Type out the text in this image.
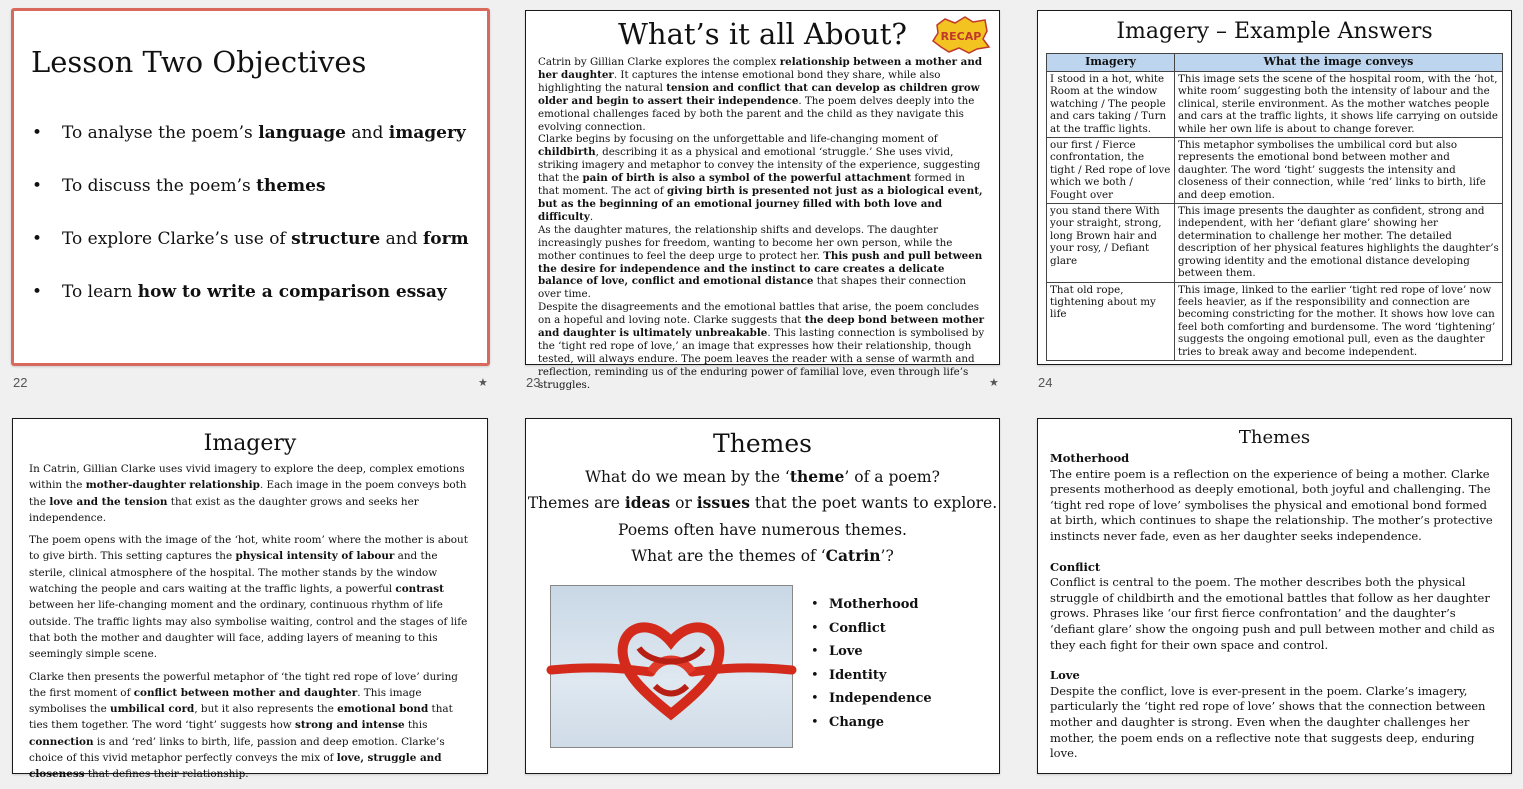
Lesson Two Objectives
•	To analyse the poem’s language and imagery
•	To discuss the poem’s themes
•	To explore Clarke’s use of structure and form
•	To learn how to write a comparison essay
22	★
What’s it all About?	RECAP
Catrin by Gillian Clarke explores the complex relationship between a mother and her daughter. It captures the intense emotional bond they share, while also highlighting the natural tension and conflict that can develop as children grow older and begin to assert their independence. The poem delves deeply into the emotional challenges faced by both the parent and the child as they navigate this evolving connection.
Clarke begins by focusing on the unforgettable and life-changing moment of childbirth, describing it as a physical and emotional ‘struggle.’ She uses vivid, striking imagery and metaphor to convey the intensity of the experience, suggesting that the pain of birth is also a symbol of the powerful attachment formed in that moment. The act of giving birth is presented not just as a biological event, but as the beginning of an emotional journey filled with both love and difficulty.
As the daughter matures, the relationship shifts and develops. The daughter increasingly pushes for freedom, wanting to become her own person, while the mother continues to feel the deep urge to protect her. This push and pull between the desire for independence and the instinct to care creates a delicate balance of love, conflict and emotional distance that shapes their connection over time.
Despite the disagreements and the emotional battles that arise, the poem concludes on a hopeful and loving note. Clarke suggests that the deep bond between mother and daughter is ultimately unbreakable. This lasting connection is symbolised by the ‘tight red rope of love,’ an image that expresses how their relationship, though tested, will always endure. The poem leaves the reader with a sense of warmth and reflection, reminding us of the enduring power of familial love, even through life’s struggles.
23	★
Imagery – Example Answers
Imagery	What the image conveys
I stood in a hot, white Room at the window watching / The people and cars taking / Turn at the traffic lights.	This image sets the scene of the hospital room, with the ‘hot, white room’ suggesting both the intensity of labour and the clinical, sterile environment. As the mother watches people and cars at the traffic lights, it shows life carrying on outside while her own life is about to change forever.
our first / Fierce confrontation, the tight / Red rope of love which we both / Fought over	This metaphor symbolises the umbilical cord but also represents the emotional bond between mother and daughter. The word ‘tight’ suggests the intensity and closeness of their connection, while ‘red’ links to birth, life and deep emotion.
you stand there With your straight, strong, long Brown hair and your rosy, / Defiant glare	This image presents the daughter as confident, strong and independent, with her ‘defiant glare’ showing her determination to challenge her mother. The detailed description of her physical features highlights the daughter’s growing identity and the emotional distance developing between them.
That old rope, tightening about my life	This image, linked to the earlier ‘tight red rope of love’ now feels heavier, as if the responsibility and connection are becoming constricting for the mother. It shows how love can feel both comforting and burdensome. The word ‘tightening’ suggests the ongoing emotional pull, even as the daughter tries to break away and become independent.
24
Imagery

In Catrin, Gillian Clarke uses vivid imagery to explore the deep, complex emotions within the mother-daughter relationship. Each image in the poem conveys both the love and the tension that exist as the daughter grows and seeks her independence.

The poem opens with the image of the ‘hot, white room’ where the mother is about to give birth. This setting captures the physical intensity of labour and the sterile, clinical atmosphere of the hospital. The mother stands by the window watching the people and cars waiting at the traffic lights, a powerful contrast between her life-changing moment and the ordinary, continuous rhythm of life outside. The traffic lights may also symbolise waiting, control and the stages of life that both the mother and daughter will face, adding layers of meaning to this seemingly simple scene.

Clarke then presents the powerful metaphor of ‘the tight red rope of love’ during the first moment of conflict between mother and daughter. This image symbolises the umbilical cord, but it also represents the emotional bond that ties them together. The word ‘tight’ suggests how strong and intense this connection is and ‘red’ links to birth, life, passion and deep emotion. Clarke’s choice of this vivid metaphor perfectly conveys the mix of love, struggle and closeness that defines their relationship.

Themes
What do we mean by the ‘theme’ of a poem?
Themes are ideas or issues that the poet wants to explore.
Poems often have numerous themes.
What are the themes of ‘Catrin’?
• Motherhood
• Conflict
• Love
• Identity
• Independence
• Change
Themes
Motherhood

The entire poem is a reflection on the experience of being a mother. Clarke presents motherhood as deeply emotional, both joyful and challenging. The ‘tight red rope of love’ symbolises the physical and emotional bond formed at birth, which continues to shape the relationship. The mother’s protective instincts never fade, even as her daughter seeks independence.

Conflict

Conflict is central to the poem. The mother describes both the physical struggle of childbirth and the emotional battles that follow as her daughter grows. Phrases like ‘our first fierce confrontation’ and the daughter’s ‘defiant glare’ show the ongoing push and pull between mother and child as they each fight for their own space and control.

Love

Despite the conflict, love is ever-present in the poem. Clarke’s imagery, particularly the ‘tight red rope of love’ shows that the connection between mother and daughter is strong. Even when the daughter challenges her mother, the poem ends on a reflective note that suggests deep, enduring love.
